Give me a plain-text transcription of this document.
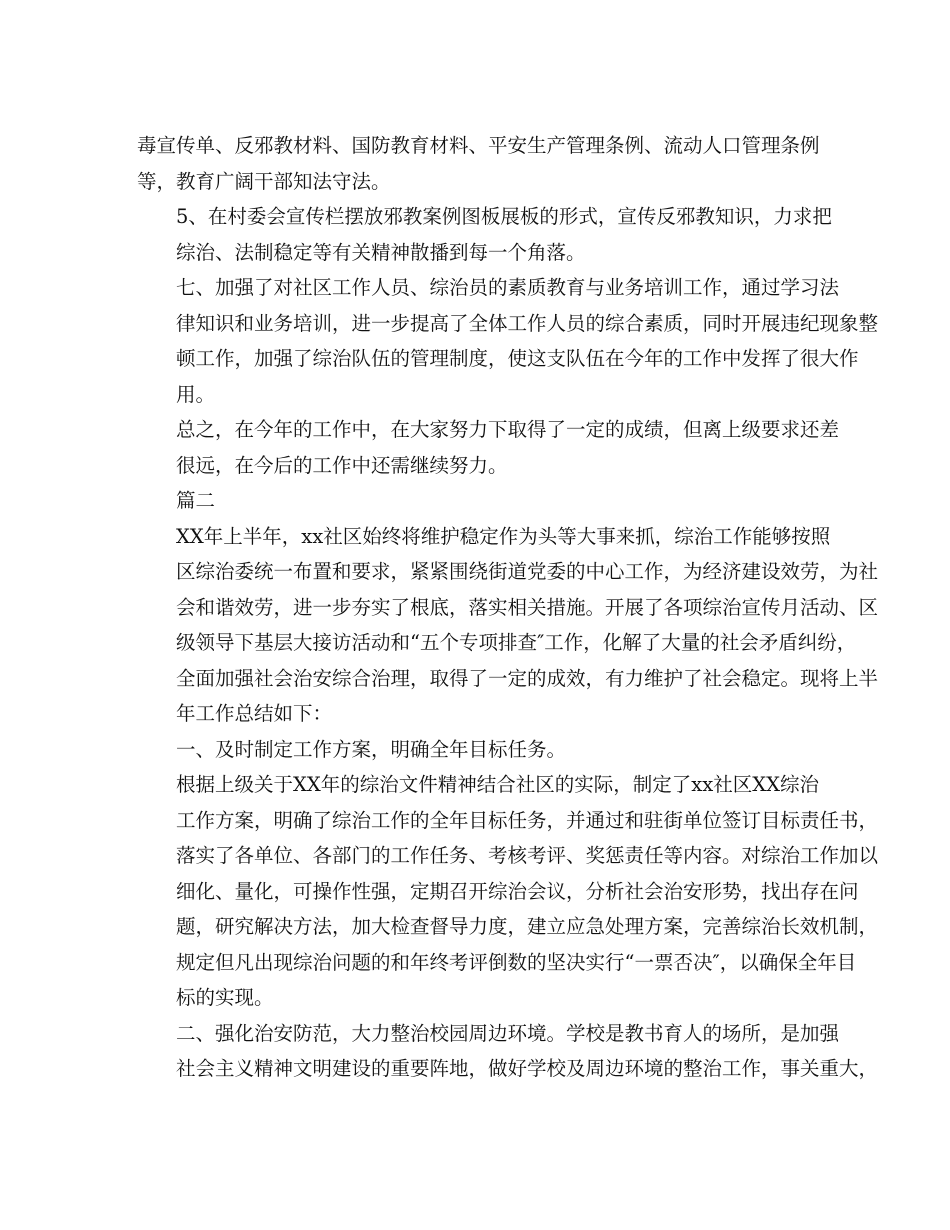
毒宣传单、反邪教材料、国防教育材料、平安生产管理条例、流动人口管理条例
等，教育广阔干部知法守法。
5、在村委会宣传栏摆放邪教案例图板展板的形式，宣传反邪教知识，力求把
综治、法制稳定等有关精神散播到每一个角落。
七、加强了对社区工作人员、综治员的素质教育与业务培训工作，通过学习法
律知识和业务培训，进一步提高了全体工作人员的综合素质，同时开展违纪现象整
顿工作，加强了综治队伍的管理制度，使这支队伍在今年的工作中发挥了很大作
用。
总之，在今年的工作中，在大家努力下取得了一定的成绩，但离上级要求还差
很远，在今后的工作中还需继续努力。
篇二
XX年上半年，xx社区始终将维护稳定作为头等大事来抓，综治工作能够按照
区综治委统一布置和要求，紧紧围绕街道党委的中心工作，为经济建设效劳，为社
会和谐效劳，进一步夯实了根底，落实相关措施。开展了各项综治宣传月活动、区
级领导下基层大接访活动和“五个专项排查″工作，化解了大量的社会矛盾纠纷，
全面加强社会治安综合治理，取得了一定的成效，有力维护了社会稳定。现将上半
年工作总结如下：
一、及时制定工作方案，明确全年目标任务。
根据上级关于XX年的综治文件精神结合社区的实际，制定了xx社区XX综治
工作方案，明确了综治工作的全年目标任务，并通过和驻街单位签订目标责任书，
落实了各单位、各部门的工作任务、考核考评、奖惩责任等内容。对综治工作加以
细化、量化，可操作性强，定期召开综治会议，分析社会治安形势，找出存在问
题，研究解决方法，加大检查督导力度，建立应急处理方案，完善综治长效机制，
规定但凡出现综治问题的和年终考评倒数的坚决实行“一票否决″，以确保全年目
标的实现。
二、强化治安防范，大力整治校园周边环境。学校是教书育人的场所，是加强
社会主义精神文明建设的重要阵地，做好学校及周边环境的整治工作，事关重大，
